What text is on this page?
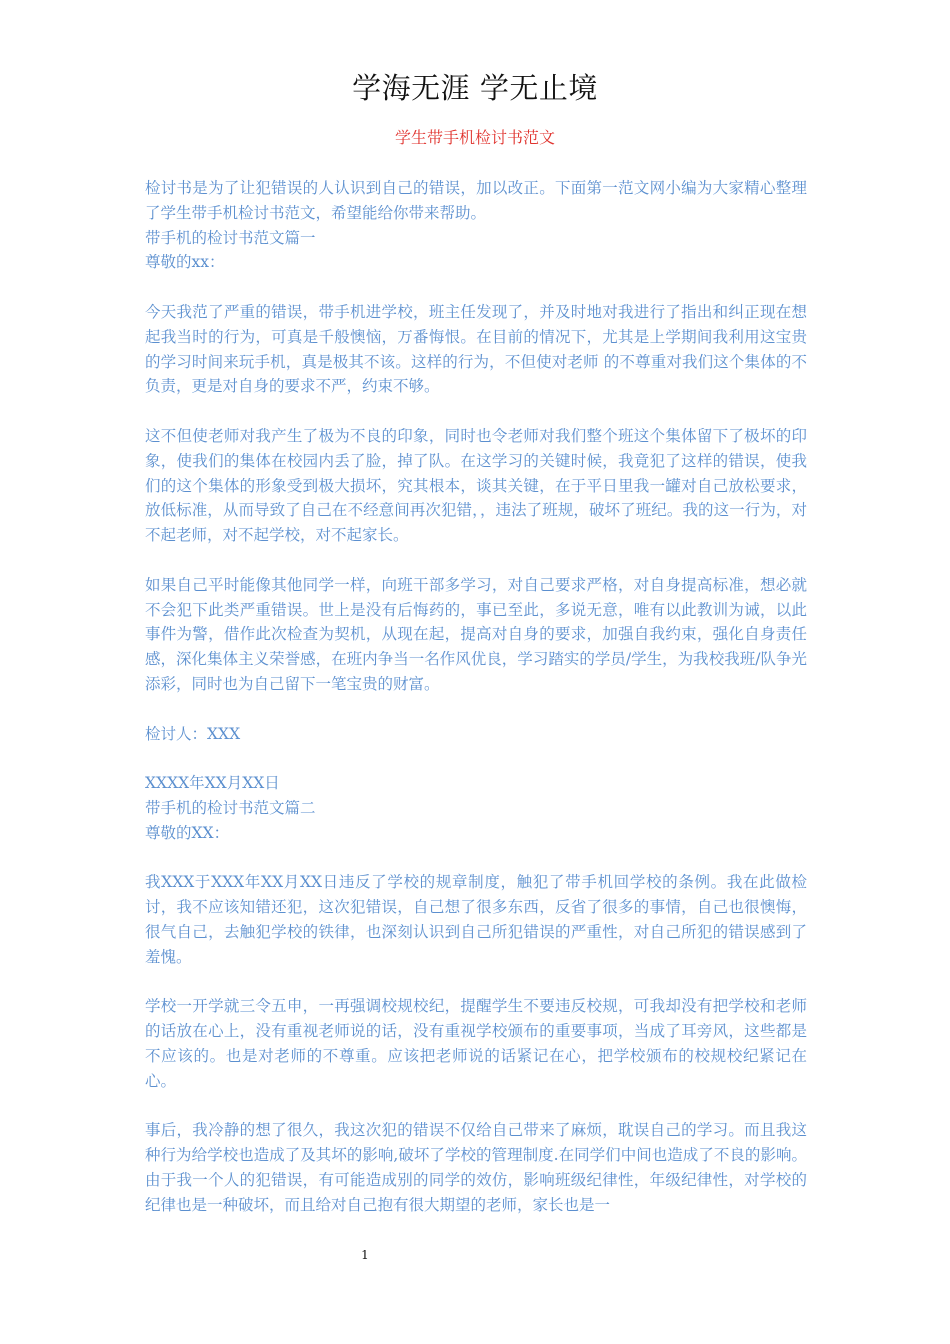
学海无涯 学无止境
学生带手机检讨书范文

检讨书是为了让犯错误的人认识到自己的错误，加以改正。下面第一范文网小编为大家精心整理了学生带手机检讨书范文，希望能给你带来帮助。

带手机的检讨书范文篇一

尊敬的xx：

今天我范了严重的错误，带手机进学校，班主任发现了，并及时地对我进行了指出和纠正现在想起我当时的行为，可真是千般懊恼，万番悔恨。在目前的情况下，尤其是上学期间我利用这宝贵的学习时间来玩手机，真是极其不该。这样的行为，不但使对老师 的不尊重对我们这个集体的不负责，更是对自身的要求不严，约束不够。

这不但使老师对我产生了极为不良的印象，同时也令老师对我们整个班这个集体留下了极坏的印象，使我们的集体在校园内丢了脸，掉了队。在这学习的关键时候，我竟犯了这样的错误，使我们的这个集体的形象受到极大损坏，究其根本，谈其关键，在于平日里我一罐对自己放松要求，放低标准，从而导致了自己在不经意间再次犯错，，违法了班规，破坏了班纪。我的这一行为，对不起老师，对不起学校，对不起家长。

如果自己平时能像其他同学一样，向班干部多学习，对自己要求严格，对自身提高标准，想必就不会犯下此类严重错误。世上是没有后悔药的，事已至此，多说无意，唯有以此教训为诫，以此事件为警，借作此次检查为契机，从现在起，提高对自身的要求，加强自我约束，强化自身责任感，深化集体主义荣誉感，在班内争当一名作风优良，学习踏实的学员/学生，为我校我班/队争光添彩，同时也为自己留下一笔宝贵的财富。

检讨人：XXX

XXXX年XX月XX日

带手机的检讨书范文篇二

尊敬的XX：

我XXX于XXX年XX月XX日违反了学校的规章制度，触犯了带手机回学校的条例。我在此做检讨，我不应该知错还犯，这次犯错误，自己想了很多东西，反省了很多的事情，自己也很懊悔，很气自己，去触犯学校的铁律，也深刻认识到自己所犯错误的严重性，对自己所犯的错误感到了羞愧。

学校一开学就三令五申，一再强调校规校纪，提醒学生不要违反校规，可我却没有把学校和老师的话放在心上，没有重视老师说的话，没有重视学校颁布的重要事项，当成了耳旁风，这些都是不应该的。也是对老师的不尊重。应该把老师说的话紧记在心，把学校颁布的校规校纪紧记在心。

事后，我冷静的想了很久，我这次犯的错误不仅给自己带来了麻烦，耽误自己的学习。而且我这种行为给学校也造成了及其坏的影响,破坏了学校的管理制度.在同学们中间也造成了不良的影响。由于我一个人的犯错误，有可能造成别的同学的效仿，影响班级纪律性，年级纪律性，对学校的纪律也是一种破坏，而且给对自己抱有很大期望的老师，家长也是一

1
